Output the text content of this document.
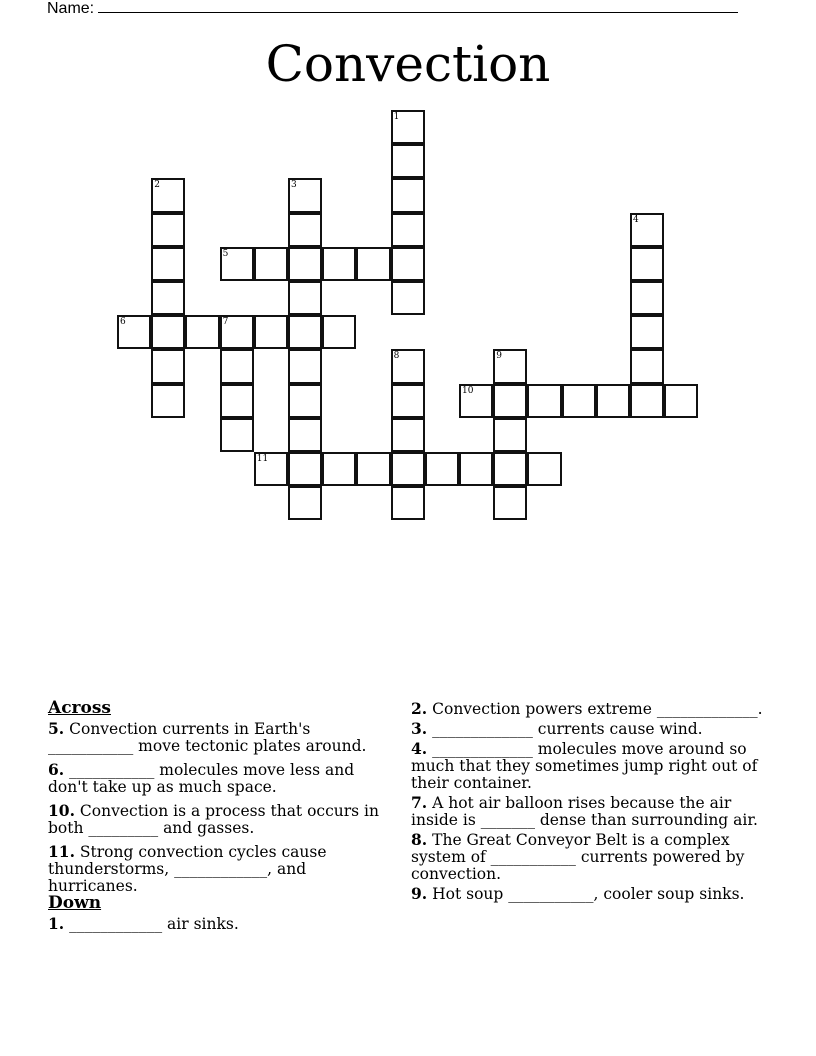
Name:
Convection
1
2	3
4
5
6	7
8	9
10
11
Across
5. Convection currents in Earth's ___________ move tectonic plates around.
6. ___________ molecules move less and don't take up as much space.
10. Convection is a process that occurs in both _________ and gasses.
11. Strong convection cycles cause thunderstorms, ____________, and hurricanes.
Down
1. ____________ air sinks.
2. Convection powers extreme _____________.
3. _____________ currents cause wind.
4. _____________ molecules move around so much that they sometimes jump right out of their container.
7. A hot air balloon rises because the air inside is _______ dense than surrounding air.
8. The Great Conveyor Belt is a complex system of ___________ currents powered by convection.
9. Hot soup ___________, cooler soup sinks.
